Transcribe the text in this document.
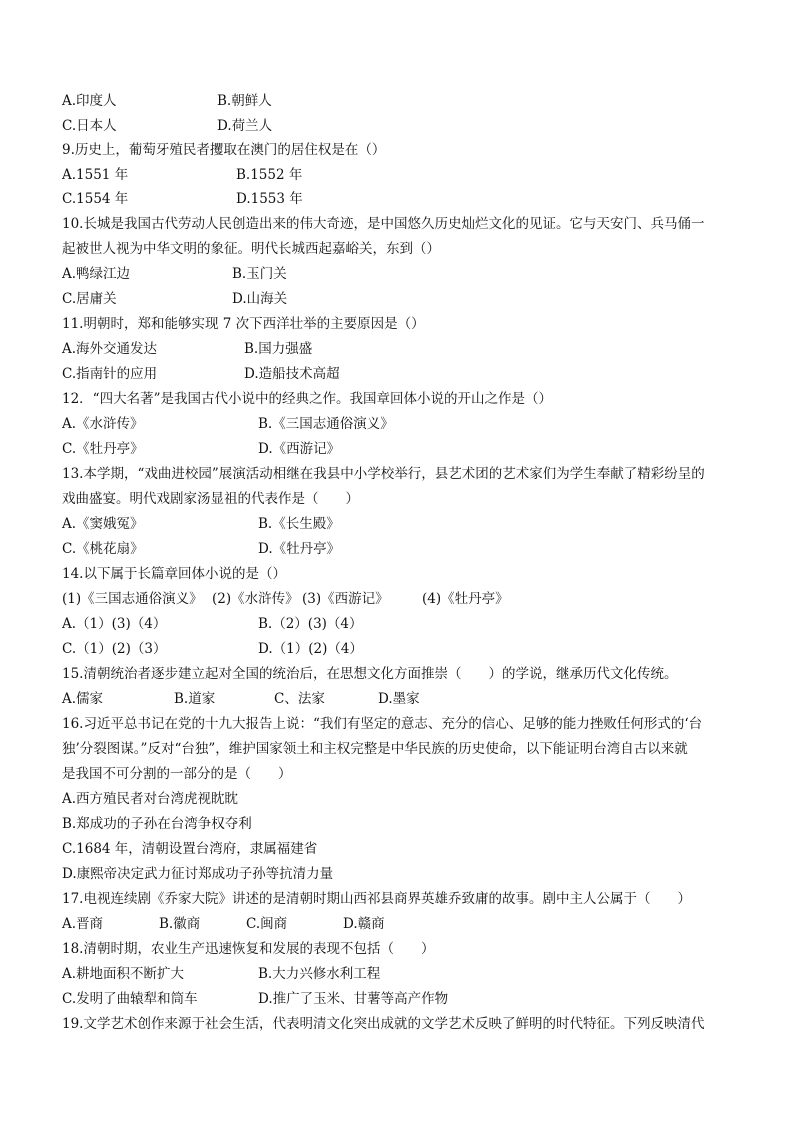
A.印度人	B.朝鲜人
C.日本人	D.荷兰人
9.历史上，葡萄牙殖民者攫取在澳门的居住权是在（）
A.1551 年	B.1552 年
C.1554 年	D.1553 年
10.长城是我国古代劳动人民创造出来的伟大奇迹，是中国悠久历史灿烂文化的见证。它与天安门、兵马俑一
起被世人视为中华文明的象征。明代长城西起嘉峪关，东到（）
A.鸭绿江边	B.玉门关
C.居庸关	D.山海关
11.明朝时，郑和能够实现 7 次下西洋壮举的主要原因是（）
A.海外交通发达	B.国力强盛
C.指南针的应用	D.造船技术高超
12．“四大名著”是我国古代小说中的经典之作。我国章回体小说的开山之作是（）
A.《水浒传》	B.《三国志通俗演义》
C.《牡丹亭》	D.《西游记》
13.本学期，“戏曲进校园”展演活动相继在我县中小学校举行，县艺术团的艺术家们为学生奉献了精彩纷呈的
戏曲盛宴。明代戏剧家汤显祖的代表作是（　　）
A.《窦娥冤》	B.《长生殿》
C.《桃花扇》	D.《牡丹亭》
14.以下属于长篇章回体小说的是（）
(1)《三国志通俗演义》 (2)《水浒传》 (3)《西游记》 (4)《牡丹亭》
A.（1）(3)（4）	B.（2）(3)（4）
C.（1）(2)（3）	D.（1）(2)（4）
15.清朝统治者逐步建立起对全国的统治后，在思想文化方面推崇（　　）的学说，继承历代文化传统。
A.儒家	B.道家	C、法家	D.墨家
16.习近平总书记在党的十九大报告上说：“我们有坚定的意志、充分的信心、足够的能力挫败任何形式的‘台
独’分裂图谋。”反对“台独”，维护国家领土和主权完整是中华民族的历史使命，以下能证明台湾自古以来就
是我国不可分割的一部分的是（　　）
A.西方殖民者对台湾虎视眈眈
B.郑成功的子孙在台湾争权夺利
C.1684 年，清朝设置台湾府，隶属福建省
D.康熙帝决定武力征讨郑成功子孙等抗清力量
17.电视连续剧《乔家大院》讲述的是清朝时期山西祁县商界英雄乔致庸的故事。剧中主人公属于（　　）
A.晋商	B.徽商	C.闽商	D.赣商
18.清朝时期，农业生产迅速恢复和发展的表现不包括（　　）
A.耕地面积不断扩大	B.大力兴修水利工程
C.发明了曲辕犁和筒车	D.推广了玉米、甘薯等高产作物
19.文学艺术创作来源于社会生活，代表明清文化突出成就的文学艺术反映了鲜明的时代特征。下列反映清代
